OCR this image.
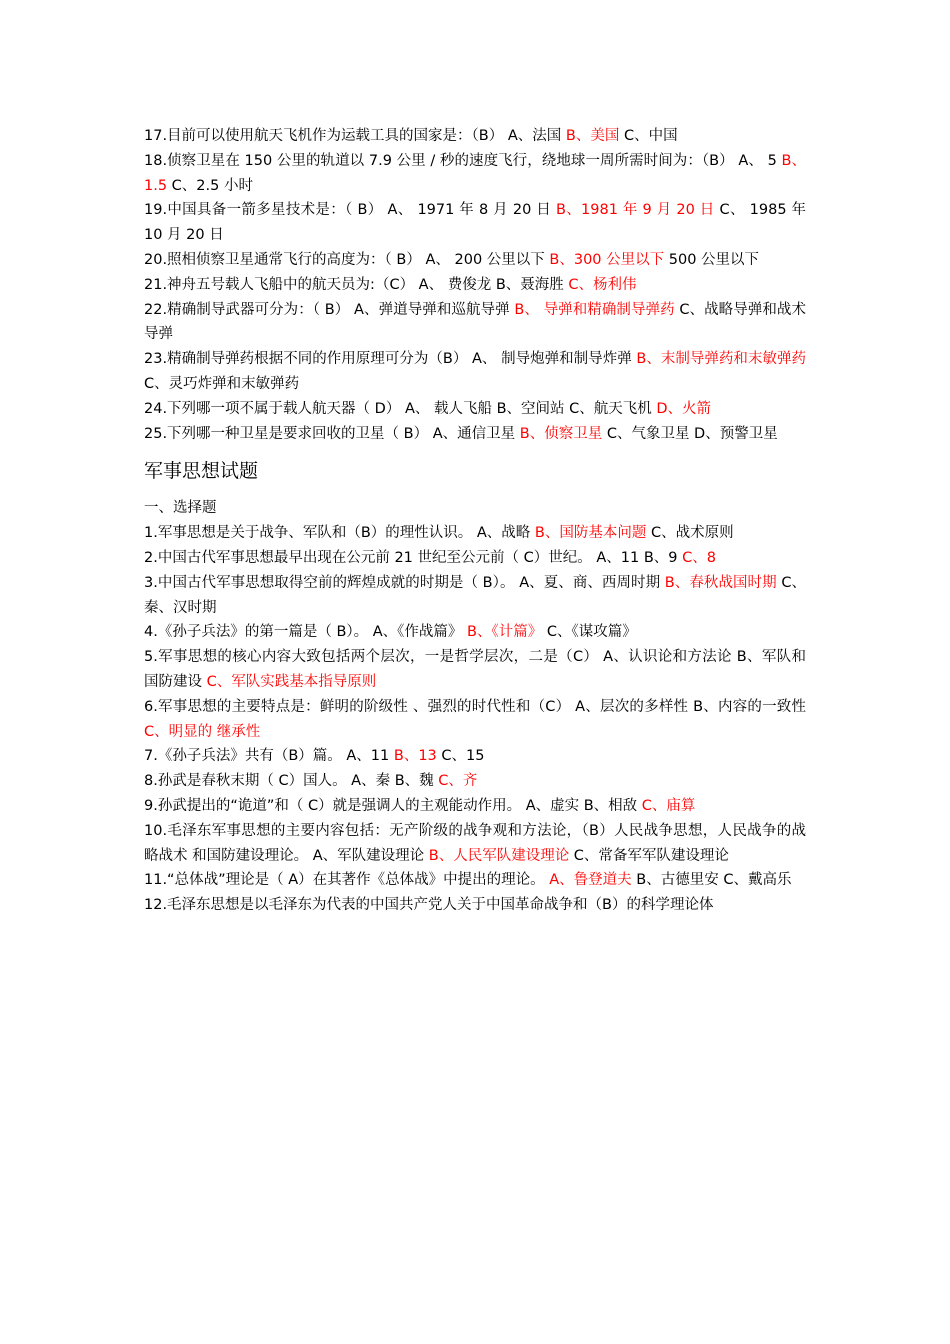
17.目前可以使用航天飞机作为运载工具的国家是：（B） A、法国 B、美国 C、中国
18.侦察卫星在 150 公里的轨道以 7.9 公里 / 秒的速度飞行，绕地球一周所需时间为：（B） A、 5 B、1.5 C、2.5 小时
19.中国具备一箭多星技术是：（ B） A、 1971 年 8 月 20 日 B、1981 年 9 月 20 日 C、 1985 年 10 月 20 日
20.照相侦察卫星通常飞行的高度为：（ B） A、 200 公里以下 B、300 公里以下 500 公里以下
21.神舟五号载人飞船中的航天员为:（C） A、 费俊龙 B、聂海胜 C、杨利伟
22.精确制导武器可分为：（ B） A、弹道导弹和巡航导弹 B、 导弹和精确制导弹药 C、战略导弹和战术导弹
23.精确制导弹药根据不同的作用原理可分为（B） A、 制导炮弹和制导炸弹 B、末制导弹药和末敏弹药 C、灵巧炸弹和末敏弹药
24.下列哪一项不属于载人航天器（ D） A、 载人飞船 B、空间站 C、航天飞机 D、火箭
25.下列哪一种卫星是要求回收的卫星（ B） A、通信卫星 B、侦察卫星 C、气象卫星 D、预警卫星
军事思想试题
一、选择题
1.军事思想是关于战争、军队和（B）的理性认识。 A、战略 B、国防基本问题 C、战术原则
2.中国古代军事思想最早出现在公元前 21 世纪至公元前（ C）世纪。 A、11 B、9 C、8
3.中国古代军事思想取得空前的辉煌成就的时期是（ B）。 A、夏、商、西周时期 B、春秋战国时期 C、秦、汉时期
4.《孙子兵法》的第一篇是（ B）。 A、《作战篇》 B、《计篇》 C、《谋攻篇》
5.军事思想的核心内容大致包括两个层次，一是哲学层次，二是（C） A、认识论和方法论 B、军队和国防建设 C、军队实践基本指导原则
6.军事思想的主要特点是：鲜明的阶级性 、强烈的时代性和（C） A、层次的多样性 B、内容的一致性 C、明显的 继承性
7.《孙子兵法》共有（B）篇。 A、11 B、13 C、15
8.孙武是春秋末期（ C）国人。 A、秦 B、魏 C、齐
9.孙武提出的“诡道”和（ C）就是强调人的主观能动作用。 A、虚实 B、相敌 C、庙算
10.毛泽东军事思想的主要内容包括：无产阶级的战争观和方法论，（B）人民战争思想，人民战争的战略战术 和国防建设理论。 A、军队建设理论 B、人民军队建设理论 C、常备军军队建设理论
11.“总体战”理论是（ A）在其著作《总体战》中提出的理论。 A、鲁登道夫 B、古德里安 C、戴高乐
12.毛泽东思想是以毛泽东为代表的中国共产党人关于中国革命战争和（B）的科学理论体
